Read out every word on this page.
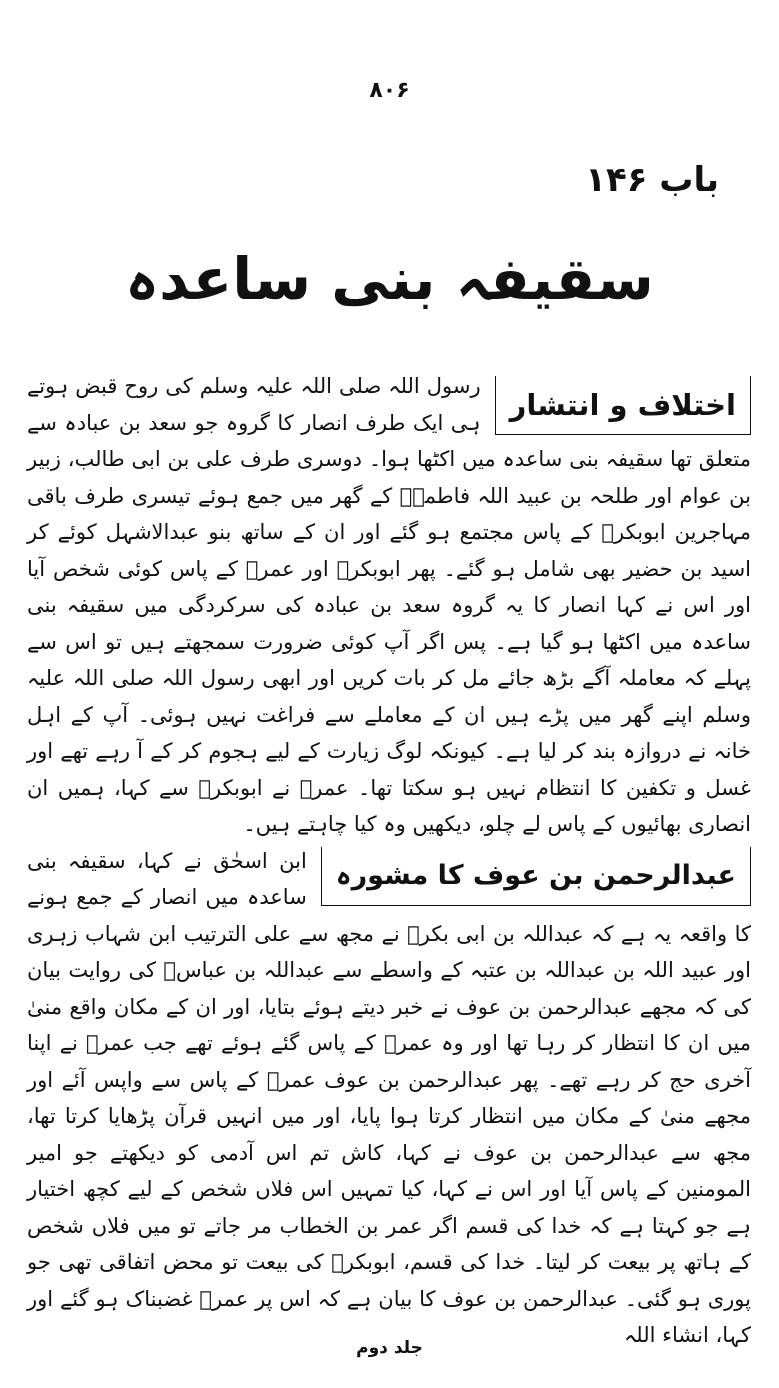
۸۰۶
باب ۱۴۶
سقیفہ بنی ساعدہ
اختلاف و انتشار

رسول اللہ صلی اللہ علیہ وسلم کی روح قبض ہوتے ہی ایک طرف انصار کا گروہ جو سعد بن عبادہ سے متعلق تھا سقیفہ بنی ساعدہ میں اکٹھا ہوا۔ دوسری طرف علی بن ابی طالب، زبیر بن عوام اور طلحہ بن عبید اللہ فاطمہؓ کے گھر میں جمع ہوئے تیسری طرف باقی مہاجرین ابوبکرؓ کے پاس مجتمع ہو گئے اور ان کے ساتھ بنو عبدالاشہل کوئے کر اسید بن حضیر بھی شامل ہو گئے۔ پھر ابوبکرؓ اور عمرؓ کے پاس کوئی شخص آیا اور اس نے کہا انصار کا یہ گروہ سعد بن عبادہ کی سرکردگی میں سقیفہ بنی ساعدہ میں اکٹھا ہو گیا ہے۔ پس اگر آپ کوئی ضرورت سمجھتے ہیں تو اس سے پہلے کہ معاملہ آگے بڑھ جائے مل کر بات کریں اور ابھی رسول اللہ صلی اللہ علیہ وسلم اپنے گھر میں پڑے ہیں ان کے معاملے سے فراغت نہیں ہوئی۔ آپ کے اہل خانہ نے دروازہ بند کر لیا ہے۔ کیونکہ لوگ زیارت کے لیے ہجوم کر کے آ رہے تھے اور غسل و تکفین کا انتظام نہیں ہو سکتا تھا۔ عمرؓ نے ابوبکرؓ سے کہا، ہمیں ان انصاری بھائیوں کے پاس لے چلو، دیکھیں وہ کیا چاہتے ہیں۔

عبدالرحمن بن عوف کا مشورہ

ابن اسحٰق نے کہا، سقیفہ بنی ساعدہ میں انصار کے جمع ہونے کا واقعہ یہ ہے کہ عبداللہ بن ابی بکرؓ نے مجھ سے علی الترتیب ابن شہاب زہری اور عبید اللہ بن عبداللہ بن عتبہ کے واسطے سے عبداللہ بن عباسؓ کی روایت بیان کی کہ مجھے عبدالرحمن بن عوف نے خبر دیتے ہوئے بتایا، اور ان کے مکان واقع منیٰ میں ان کا انتظار کر رہا تھا اور وہ عمرؓ کے پاس گئے ہوئے تھے جب عمرؓ نے اپنا آخری حج کر رہے تھے۔ پھر عبدالرحمن بن عوف عمرؓ کے پاس سے واپس آئے اور مجھے منیٰ کے مکان میں انتظار کرتا ہوا پایا، اور میں انہیں قرآن پڑھایا کرتا تھا، مجھ سے عبدالرحمن بن عوف نے کہا، کاش تم اس آدمی کو دیکھتے جو امیر المومنین کے پاس آیا اور اس نے کہا، کیا تمہیں اس فلاں شخص کے لیے کچھ اختیار ہے جو کہتا ہے کہ خدا کی قسم اگر عمر بن الخطاب مر جاتے تو میں فلاں شخص کے ہاتھ پر بیعت کر لیتا۔ خدا کی قسم، ابوبکرؓ کی بیعت تو محض اتفاقی تھی جو پوری ہو گئی۔ عبدالرحمن بن عوف کا بیان ہے کہ اس پر عمرؓ غضبناک ہو گئے اور کہا، انشاء اللہ

جلد دوم
